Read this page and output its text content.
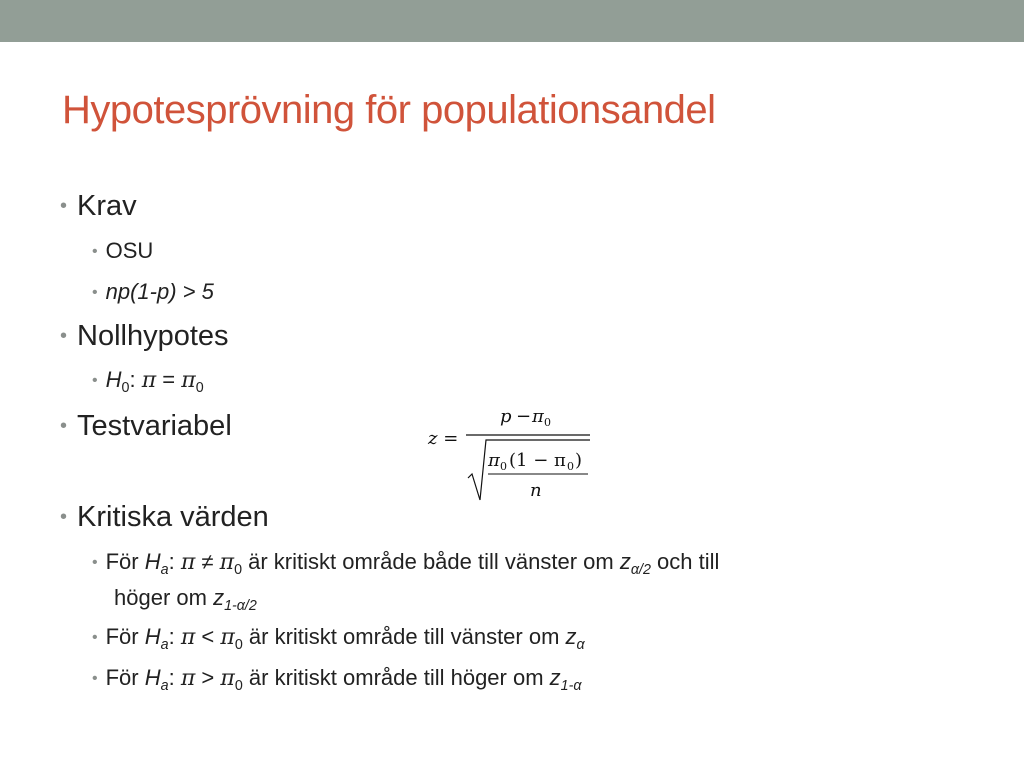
Hypotesprövning för populationsandel
• Krav
• OSU
• np(1-p) > 5
• Nollhypotes
• $H_0$: $\pi = \pi_0$
• Testvariabel	z =
p − π 0
π 0 (1 − π 0 )
n
• Kritiska värden
• För $H_a$: $\pi \ne \pi_0$ är kritiskt område både till vänster om $z_{\alpha/2}$ och till
höger om $z_{1-\alpha/2}$
• För $H_a$: $\pi < \pi_0$ är kritiskt område till vänster om $z_\alpha$
• För $H_a$: $\pi > \pi_0$ är kritiskt område till höger om $z_{1-\alpha}$
